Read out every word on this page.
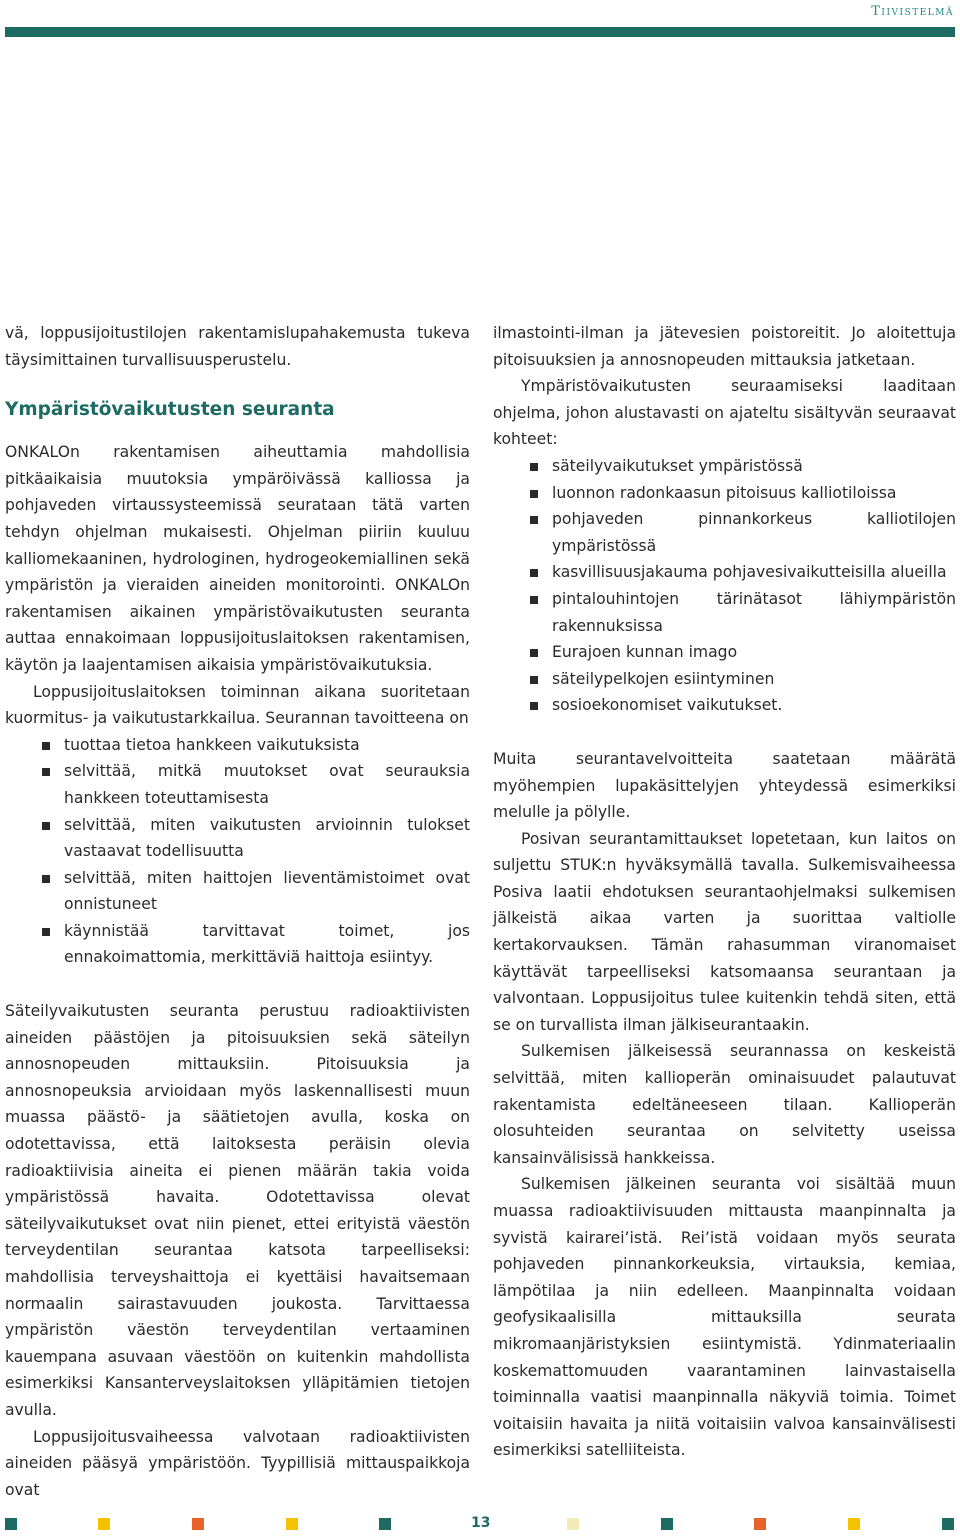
Tiivistelmä

vä, loppusijoitustilojen rakentamislupahakemusta tukeva täysimittainen turvallisuusperustelu.

Ympäristövaikutusten seuranta

ONKALOn rakentamisen aiheuttamia mahdollisia pitkäaikaisia muutoksia ympäröivässä kalliossa ja pohjaveden virtaussysteemissä seurataan tätä varten tehdyn ohjelman mukaisesti. Ohjelman piiriin kuuluu kalliomekaaninen, hydrologinen, hydrogeokemiallinen sekä ympäristön ja vieraiden aineiden monitorointi. ONKALOn rakentamisen aikainen ympäristövaikutusten seuranta auttaa ennakoimaan loppusijoituslaitoksen rakentamisen, käytön ja laajentamisen aikaisia ympäristövaikutuksia.

Loppusijoituslaitoksen toiminnan aikana suoritetaan kuormitus- ja vaikutustarkkailua. Seurannan tavoitteena on

tuottaa tietoa hankkeen vaikutuksista
selvittää, mitkä muutokset ovat seurauksia hankkeen toteuttamisesta
selvittää, miten vaikutusten arvioinnin tulokset vastaavat todellisuutta
selvittää, miten haittojen lieventämistoimet ovat onnistuneet
käynnistää tarvittavat toimet, jos ennakoimattomia, merkittäviä haittoja esiintyy.

Säteilyvaikutusten seuranta perustuu radioaktiivisten aineiden päästöjen ja pitoisuuksien sekä säteilyn annosnopeuden mittauksiin. Pitoisuuksia ja annosnopeuksia arvioidaan myös laskennallisesti muun muassa päästö- ja säätietojen avulla, koska on odotettavissa, että laitoksesta peräisin olevia radioaktiivisia aineita ei pienen määrän takia voida ympäristössä havaita. Odotettavissa olevat säteilyvaikutukset ovat niin pienet, ettei erityistä väestön terveydentilan seurantaa katsota tarpeelliseksi: mahdollisia terveyshaittoja ei kyettäisi havaitsemaan normaalin sairastavuuden joukosta. Tarvittaessa ympäristön väestön terveydentilan vertaaminen kauempana asuvaan väestöön on kuitenkin mahdollista esimerkiksi Kansanterveyslaitoksen ylläpitämien tietojen avulla.

Loppusijoitusvaiheessa valvotaan radioaktiivisten aineiden pääsyä ympäristöön. Tyypillisiä mittauspaikkoja ovat

ilmastointi-ilman ja jätevesien poistoreitit. Jo aloitettuja pitoisuuksien ja annosnopeuden mittauksia jatketaan.

Ympäristövaikutusten seuraamiseksi laaditaan ohjelma, johon alustavasti on ajateltu sisältyvän seuraavat kohteet:

säteilyvaikutukset ympäristössä
luonnon radonkaasun pitoisuus kalliotiloissa
pohjaveden pinnankorkeus kalliotilojen ympäristössä
kasvillisuusjakauma pohjavesivaikutteisilla alueilla
pintalouhintojen tärinätasot lähiympäristön rakennuksissa
Eurajoen kunnan imago
säteilypelkojen esiintyminen
sosioekonomiset vaikutukset.

Muita seurantavelvoitteita saatetaan määrätä myöhempien lupakäsittelyjen yhteydessä esimerkiksi melulle ja pölylle.

Posivan seurantamittaukset lopetetaan, kun laitos on suljettu STUK:n hyväksymällä tavalla. Sulkemisvaiheessa Posiva laatii ehdotuksen seurantaohjelmaksi sulkemisen jälkeistä aikaa varten ja suorittaa valtiolle kertakorvauksen. Tämän rahasumman viranomaiset käyttävät tarpeelliseksi katsomaansa seurantaan ja valvontaan. Loppusijoitus tulee kuitenkin tehdä siten, että se on turvallista ilman jälkiseurantaakin.

Sulkemisen jälkeisessä seurannassa on keskeistä selvittää, miten kallioperän ominaisuudet palautuvat rakentamista edeltäneeseen tilaan. Kallioperän olosuhteiden seurantaa on selvitetty useissa kansainvälisissä hankkeissa.

Sulkemisen jälkeinen seuranta voi sisältää muun muassa radioaktiivisuuden mittausta maanpinnalta ja syvistä kairarei’istä. Rei’istä voidaan myös seurata pohjaveden pinnankorkeuksia, virtauksia, kemiaa, lämpötilaa ja niin edelleen. Maanpinnalta voidaan geofysikaalisilla mittauksilla seurata mikromaanjäristyksien esiintymistä. Ydinmateriaalin koskemattomuuden vaarantaminen lainvastaisella toiminnalla vaatisi maanpinnalla näkyviä toimia. Toimet voitaisiin havaita ja niitä voitaisiin valvoa kansainvälisesti esimerkiksi satelliiteista.

13
